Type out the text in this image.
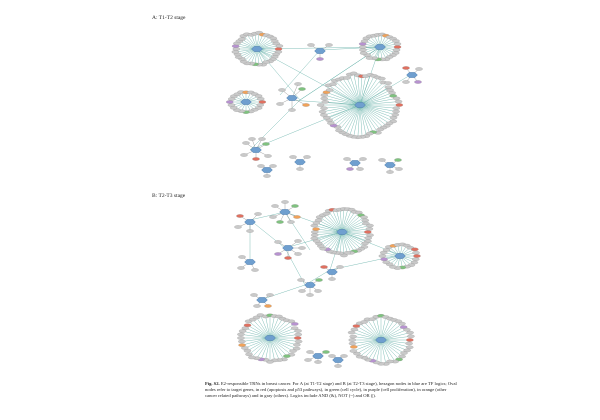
A: T1-T2 stage
B: T2-T3 stage
Fig. S2. E2-responsible TRNs in breast cancer. For A (at T1-T2 stage) and B (at T2-T3 stage), hexagon nodes in blue are TF logics; Oval nodes refer to target genes, in red (apoptosis and p53 pathways), in green (cell cycle), in purple (cell proliferation), in orange (other cancer related pathways) and in gray (others). Logics include AND (&), NOT (~) and OR (|).
